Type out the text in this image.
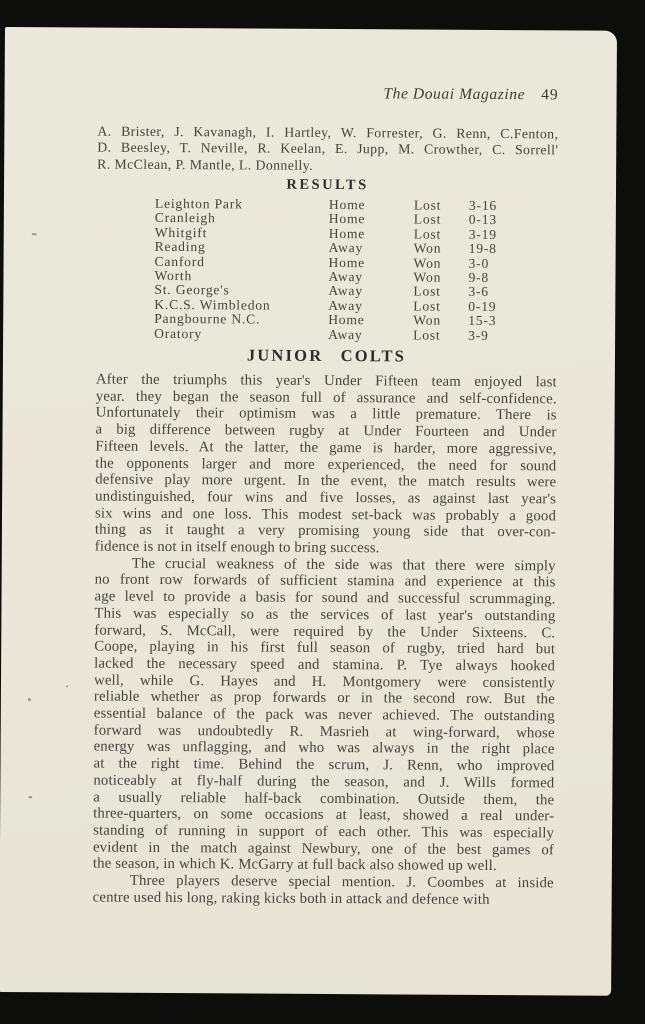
The Douai Magazine 49
A. Brister, J. Kavanagh, I. Hartley, W. Forrester, G. Renn, C.Fenton,
D. Beesley, T. Neville, R. Keelan, E. Jupp, M. Crowther, C. Sorrell'
R. McClean, P. Mantle, L. Donnelly.
RESULTS
Leighton Park	Home	Lost	3-16
Cranleigh	Home	Lost	0-13
Whitgift	Home	Lost	3-19
Reading	Away	Won	19-8
Canford	Home	Won	3-0
Worth	Away	Won	9-8
St. George's	Away	Lost	3-6
K.C.S. Wimbledon	Away	Lost	0-19
Pangbourne N.C.	Home	Won	15-3
Oratory	Away	Lost	3-9
JUNIOR COLTS
After the triumphs this year's Under Fifteen team enjoyed last
year. they began the season full of assurance and self-confidence.
Unfortunately their optimism was a little premature. There is
a big difference between rugby at Under Fourteen and Under
Fifteen levels. At the latter, the game is harder, more aggressive,
the opponents larger and more experienced, the need for sound
defensive play more urgent. In the event, the match results were
undistinguished, four wins and five losses, as against last year's
six wins and one loss. This modest set-back was probably a good
thing as it taught a very promising young side that over-con-
fidence is not in itself enough to bring success.
The crucial weakness of the side was that there were simply
no front row forwards of sufficient stamina and experience at this
age level to provide a basis for sound and successful scrummaging.
This was especially so as the services of last year's outstanding
forward, S. McCall, were required by the Under Sixteens. C.
Coope, playing in his first full season of rugby, tried hard but
lacked the necessary speed and stamina. P. Tye always hooked
well, while G. Hayes and H. Montgomery were consistently
reliable whether as prop forwards or in the second row. But the
essential balance of the pack was never achieved. The outstanding
forward was undoubtedly R. Masrieh at wing-forward, whose
energy was unflagging, and who was always in the right place
at the right time. Behind the scrum, J. Renn, who improved
noticeably at fly-half during the season, and J. Wills formed
a usually reliable half-back combination. Outside them, the
three-quarters, on some occasions at least, showed a real under-
standing of running in support of each other. This was especially
evident in the match against Newbury, one of the best games of
the season, in which K. McGarry at full back also showed up well.
Three players deserve special mention. J. Coombes at inside
centre used his long, raking kicks both in attack and defence with
